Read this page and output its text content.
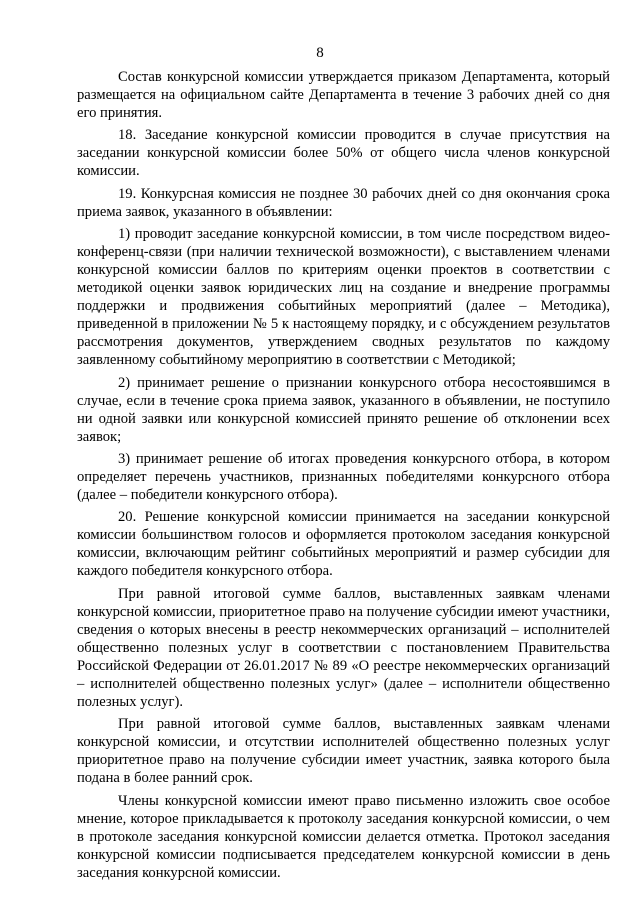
8

Состав конкурсной комиссии утверждается приказом Департамента, который размещается на официальном сайте Департамента в течение 3 рабочих дней со дня его принятия.

18. Заседание конкурсной комиссии проводится в случае присутствия на заседании конкурсной комиссии более 50% от общего числа членов конкурсной комиссии.

19. Конкурсная комиссия не позднее 30 рабочих дней со дня окончания срока приема заявок, указанного в объявлении:

1) проводит заседание конкурсной комиссии, в том числе посредством видео-конференц-связи (при наличии технической возможности), с выставлением членами конкурсной комиссии баллов по критериям оценки проектов в соответствии с методикой оценки заявок юридических лиц на создание и внедрение программы поддержки и продвижения событийных мероприятий (далее – Методика), приведенной в приложении № 5 к настоящему порядку, и с обсуждением результатов рассмотрения документов, утверждением сводных результатов по каждому заявленному событийному мероприятию в соответствии с Методикой;

2) принимает решение о признании конкурсного отбора несостоявшимся в случае, если в течение срока приема заявок, указанного в объявлении, не поступило ни одной заявки или конкурсной комиссией принято решение об отклонении всех заявок;

3) принимает решение об итогах проведения конкурсного отбора, в котором определяет перечень участников, признанных победителями конкурсного отбора (далее – победители конкурсного отбора).

20. Решение конкурсной комиссии принимается на заседании конкурсной комиссии большинством голосов и оформляется протоколом заседания конкурсной комиссии, включающим рейтинг событийных мероприятий и размер субсидии для каждого победителя конкурсного отбора.

При равной итоговой сумме баллов, выставленных заявкам членами конкурсной комиссии, приоритетное право на получение субсидии имеют участники, сведения о которых внесены в реестр некоммерческих организаций – исполнителей общественно полезных услуг в соответствии с постановлением Правительства Российской Федерации от 26.01.2017 № 89 «О реестре некоммерческих организаций – исполнителей общественно полезных услуг» (далее – исполнители общественно полезных услуг).

При равной итоговой сумме баллов, выставленных заявкам членами конкурсной комиссии, и отсутствии исполнителей общественно полезных услуг приоритетное право на получение субсидии имеет участник, заявка которого была подана в более ранний срок.

Члены конкурсной комиссии имеют право письменно изложить свое особое мнение, которое прикладывается к протоколу заседания конкурсной комиссии, о чем в протоколе заседания конкурсной комиссии делается отметка. Протокол заседания конкурсной комиссии подписывается председателем конкурсной комиссии в день заседания конкурсной комиссии.
